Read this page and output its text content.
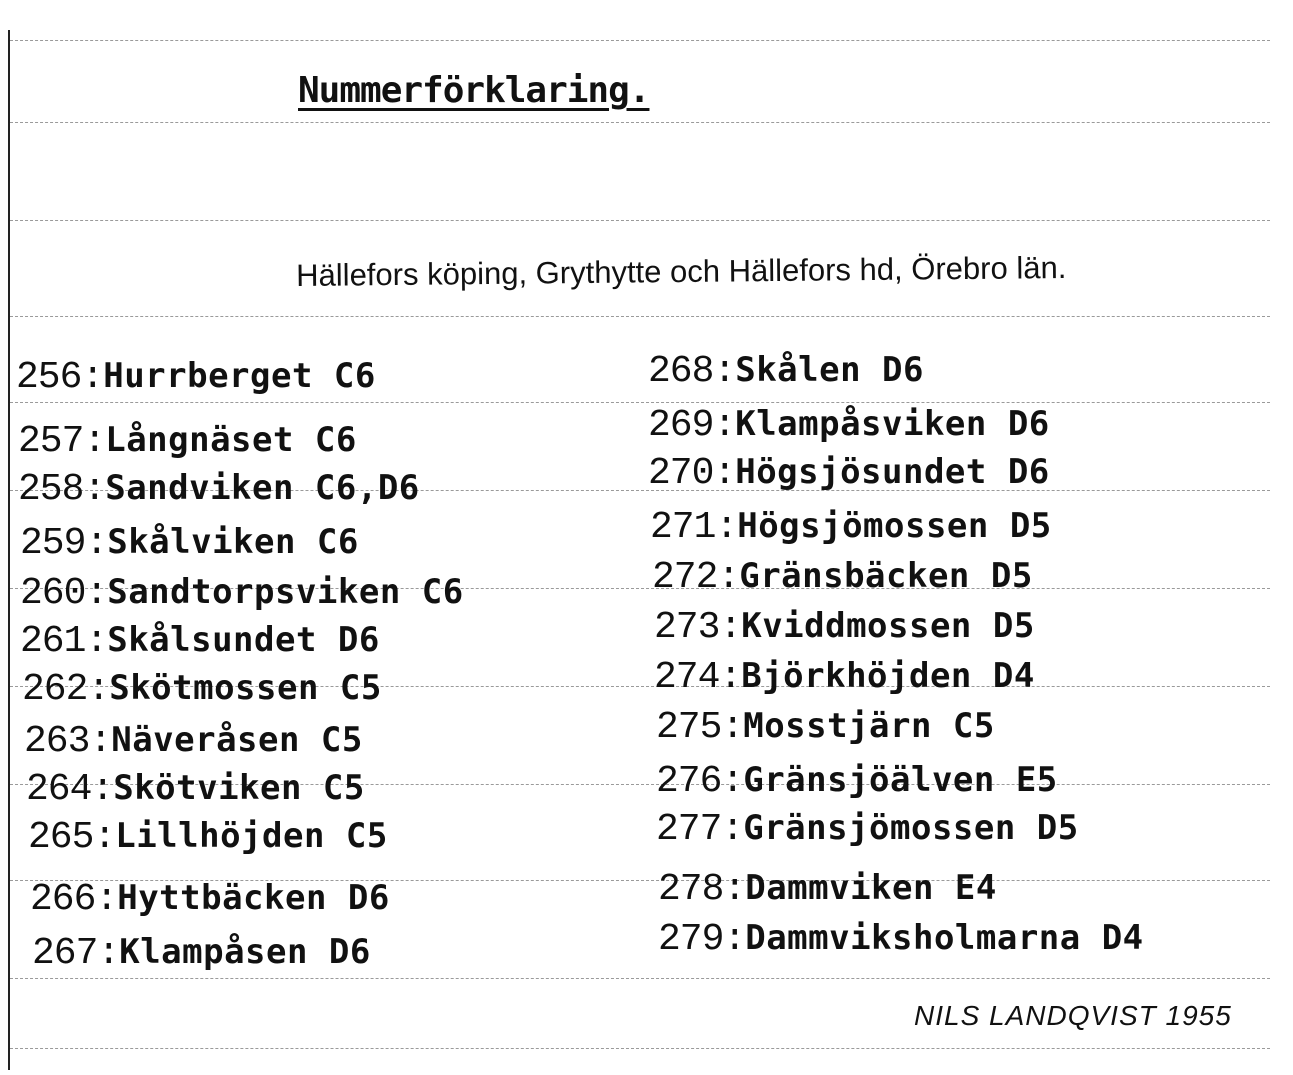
Nummerförklaring.
Hällefors köping, Grythytte och Hällefors hd, Örebro län.
256:Hurrberget C6
257:Långnäset C6
258:Sandviken C6,D6
259:Skålviken C6
260:Sandtorpsviken C6
261:Skålsundet D6
262:Skötmossen C5
263:Näveråsen C5
264:Skötviken C5
265:Lillhöjden C5
266:Hyttbäcken D6
267:Klampåsen D6
268:Skålen D6
269:Klampåsviken D6
270:Högsjösundet D6
271:Högsjömossen D5
272:Gränsbäcken D5
273:Kviddmossen D5
274:Björkhöjden D4
275:Mosstjärn C5
276:Gränsjöälven E5
277:Gränsjömossen D5
278:Dammviken E4
279:Dammviksholmarna D4
NILS LANDQVIST 1955
